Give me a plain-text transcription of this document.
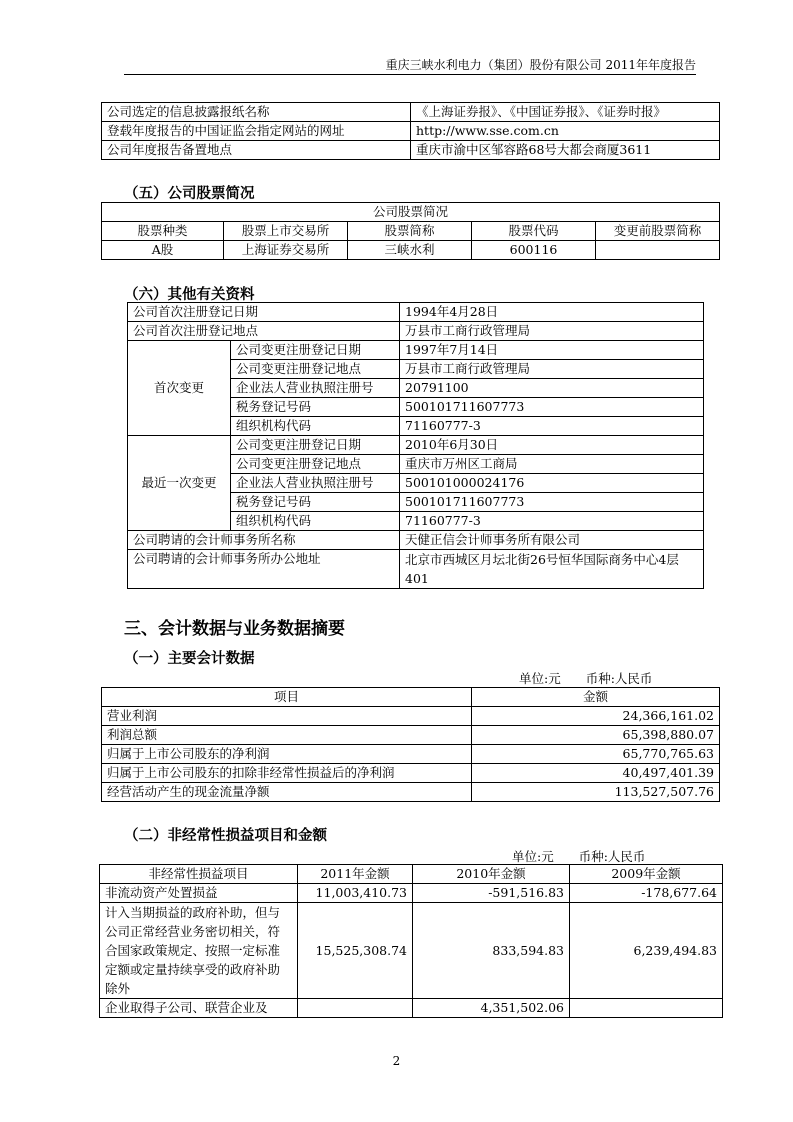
重庆三峡水利电力（集团）股份有限公司 2011年年度报告
公司选定的信息披露报纸名称	《上海证券报》、《中国证券报》、《证券时报》
登载年度报告的中国证监会指定网站的网址	http://www.sse.com.cn
公司年度报告备置地点	重庆市渝中区邹容路68号大都会商厦3611
（五）公司股票简况
公司股票简况				
股票种类	股票上市交易所	股票简称	股票代码	变更前股票简称
A股	上海证券交易所	三峡水利	600116	
（六）其他有关资料
公司首次注册登记日期		1994年4月28日
公司首次注册登记地点		万县市工商行政管理局
首次变更	公司变更注册登记日期	1997年7月14日
	公司变更注册登记地点	万县市工商行政管理局
	企业法人营业执照注册号	20791100
	税务登记号码	500101711607773
	组织机构代码	71160777-3
最近一次变更	公司变更注册登记日期	2010年6月30日
	公司变更注册登记地点	重庆市万州区工商局
	企业法人营业执照注册号	500101000024176
	税务登记号码	500101711607773
	组织机构代码	71160777-3
公司聘请的会计师事务所名称		天健正信会计师事务所有限公司
公司聘请的会计师事务所办公地址		北京市西城区月坛北街26号恒华国际商务中心4层401
三、会计数据与业务数据摘要
（一）主要会计数据
单位:元　　币种:人民币
项目	金额
营业利润	24,366,161.02
利润总额	65,398,880.07
归属于上市公司股东的净利润	65,770,765.63
归属于上市公司股东的扣除非经常性损益后的净利润	40,497,401.39
经营活动产生的现金流量净额	113,527,507.76
（二）非经常性损益项目和金额
单位:元　　币种:人民币
非经常性损益项目	2011年金额	2010年金额	2009年金额
非流动资产处置损益	11,003,410.73	-591,516.83	-178,677.64
计入当期损益的政府补助，但与公司正常经营业务密切相关，符合国家政策规定、按照一定标准定额或定量持续享受的政府补助除外	15,525,308.74	833,594.83	6,239,494.83
企业取得子公司、联营企业及		4,351,502.06	
2
